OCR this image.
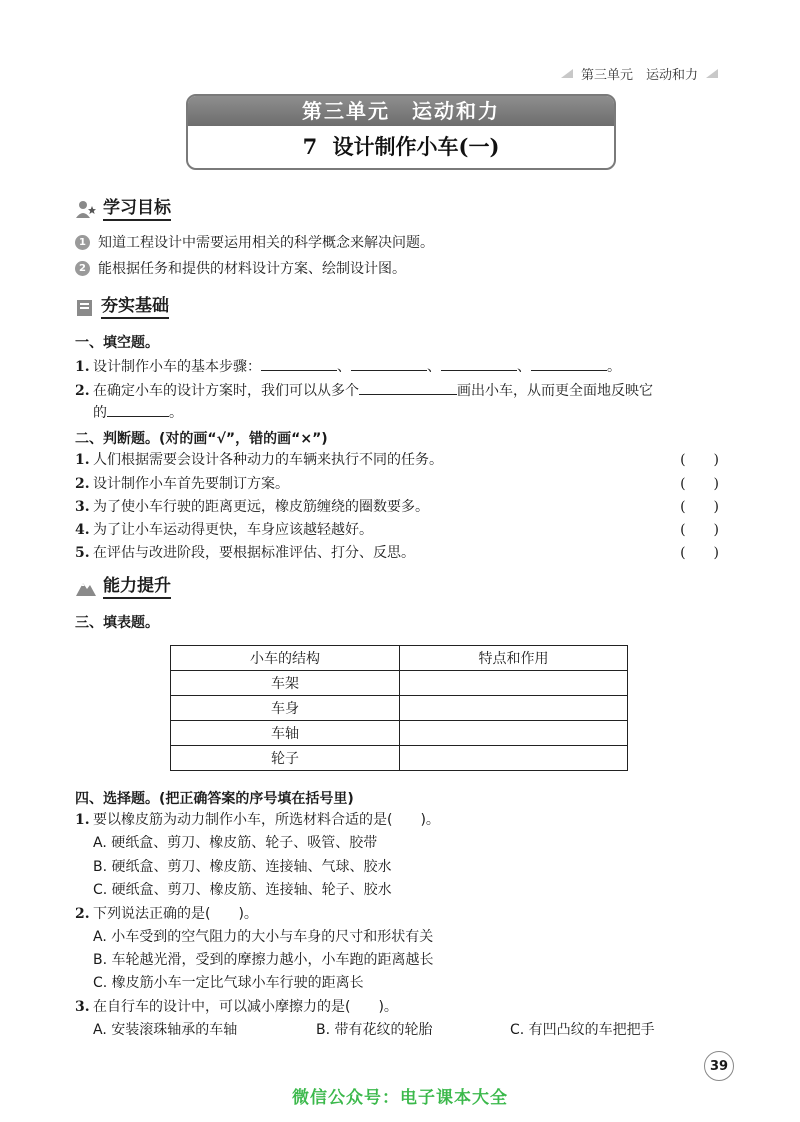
第三单元　运动和力
第三单元　运动和力
7 设计制作小车(一)
学习目标
1 知道工程设计中需要运用相关的科学概念来解决问题。
2 能根据任务和提供的材料设计方案、绘制设计图。
夯实基础
一、填空题。
1. 设计制作小车的基本步骤：	、	、	、	。
2. 在确定小车的设计方案时，我们可以从多个	画出小车，从而更全面地反映它
的	。
二、判断题。(对的画“√”，错的画“×”)
1. 人们根据需要会设计各种动力的车辆来执行不同的任务。	(　　)
2. 设计制作小车首先要制订方案。	(　　)
3. 为了使小车行驶的距离更远，橡皮筋缠绕的圈数要多。	(　　)
4. 为了让小车运动得更快，车身应该越轻越好。	(　　)
5. 在评估与改进阶段，要根据标准评估、打分、反思。	(　　)
能力提升
三、填表题。
小车的结构	特点和作用
车架	
车身	
车轴	
轮子	
四、选择题。(把正确答案的序号填在括号里)
1. 要以橡皮筋为动力制作小车，所选材料合适的是(　　)。
A. 硬纸盒、剪刀、橡皮筋、轮子、吸管、胶带
B. 硬纸盒、剪刀、橡皮筋、连接轴、气球、胶水
C. 硬纸盒、剪刀、橡皮筋、连接轴、轮子、胶水
2. 下列说法正确的是(　　)。
A. 小车受到的空气阻力的大小与车身的尺寸和形状有关
B. 车轮越光滑，受到的摩擦力越小，小车跑的距离越长
C. 橡皮筋小车一定比气球小车行驶的距离长
3. 在自行车的设计中，可以减小摩擦力的是(　　)。
A. 安装滚珠轴承的车轴	B. 带有花纹的轮胎	C. 有凹凸纹的车把把手
39
微信公众号：电子课本大全
